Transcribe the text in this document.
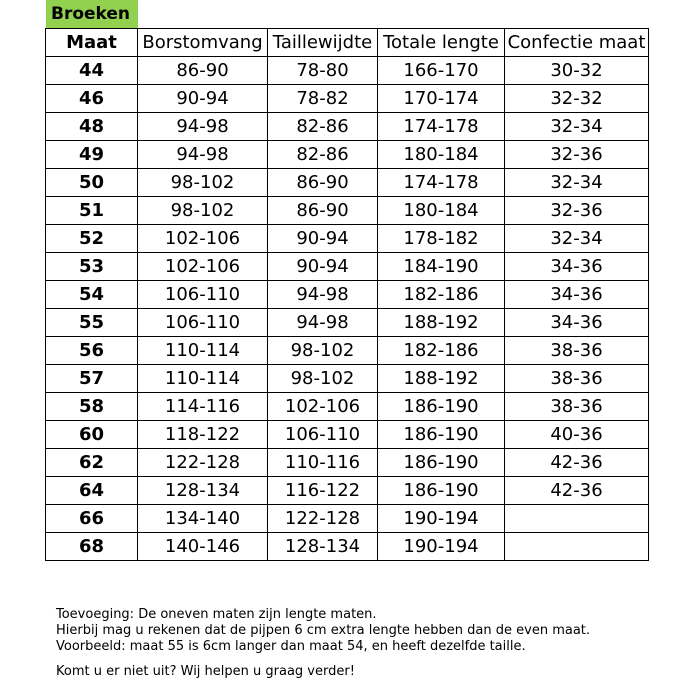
Broeken
Maat	Borstomvang	Taillewijdte	Totale lengte	Confectie maat
44	86-90	78-80	166-170	30-32
46	90-94	78-82	170-174	32-32
48	94-98	82-86	174-178	32-34
49	94-98	82-86	180-184	32-36
50	98-102	86-90	174-178	32-34
51	98-102	86-90	180-184	32-36
52	102-106	90-94	178-182	32-34
53	102-106	90-94	184-190	34-36
54	106-110	94-98	182-186	34-36
55	106-110	94-98	188-192	34-36
56	110-114	98-102	182-186	38-36
57	110-114	98-102	188-192	38-36
58	114-116	102-106	186-190	38-36
60	118-122	106-110	186-190	40-36
62	122-128	110-116	186-190	42-36
64	128-134	116-122	186-190	42-36
66	134-140	122-128	190-194	
68	140-146	128-134	190-194	

Toevoeging: De oneven maten zijn lengte maten.

Hierbij mag u rekenen dat de pijpen 6 cm extra lengte hebben dan de even maat.

Voorbeeld: maat 55 is 6cm langer dan maat 54, en heeft dezelfde taille.

Komt u er niet uit? Wij helpen u graag verder!
